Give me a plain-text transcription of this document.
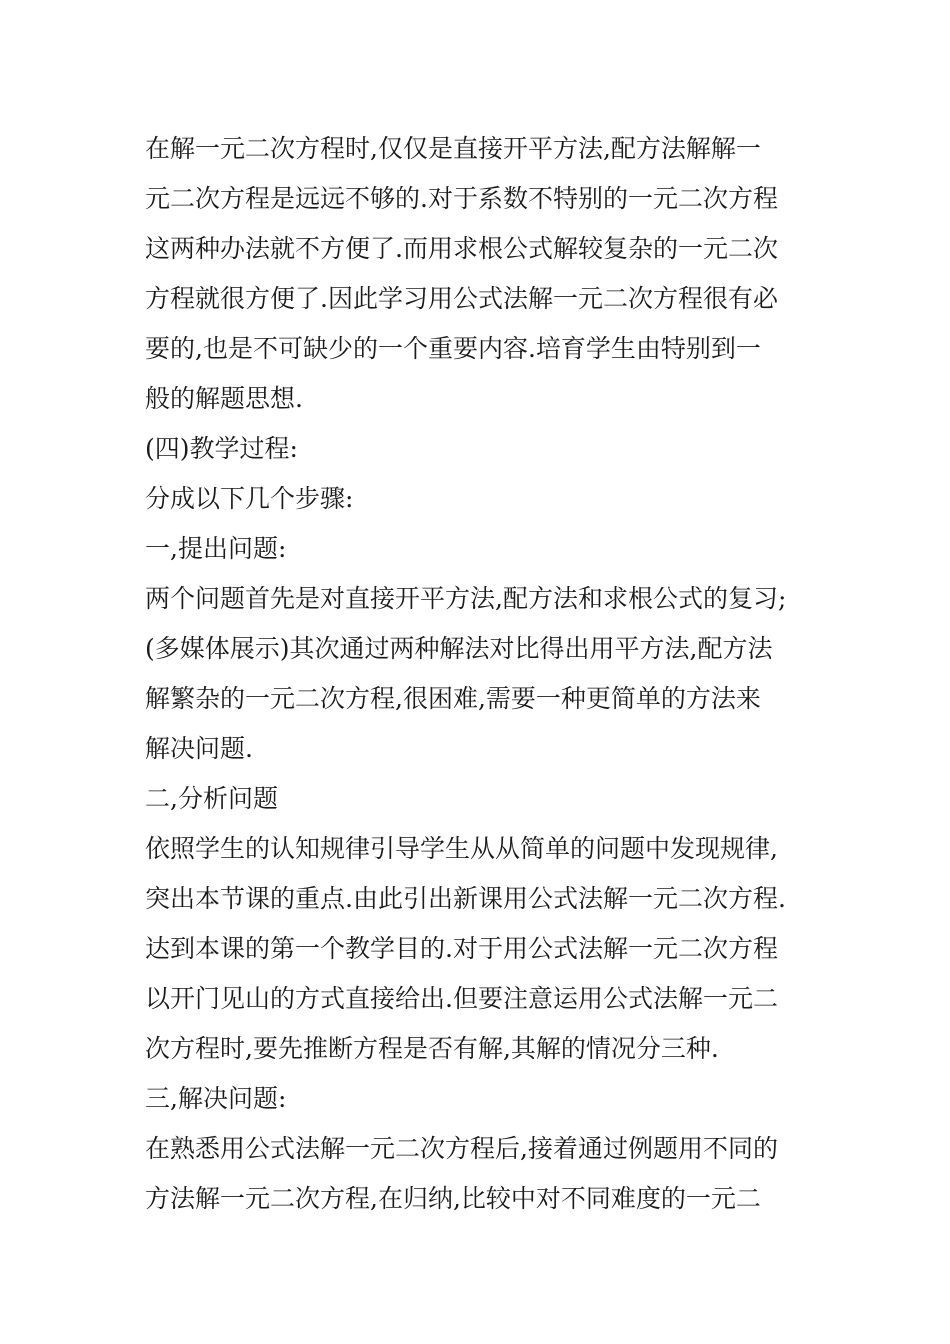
在解一元二次方程时,仅仅是直接开平方法,配方法解解一
元二次方程是远远不够的.对于系数不特别的一元二次方程
这两种办法就不方便了.而用求根公式解较复杂的一元二次
方程就很方便了.因此学习用公式法解一元二次方程很有必
要的,也是不可缺少的一个重要内容.培育学生由特别到一
般的解题思想.

(四)教学过程:

分成以下几个步骤:

一,提出问题:

两个问题首先是对直接开平方法,配方法和求根公式的复习;
(多媒体展示)其次通过两种解法对比得出用平方法,配方法
解繁杂的一元二次方程,很困难,需要一种更简单的方法来
解决问题.

二,分析问题

依照学生的认知规律引导学生从从简单的问题中发现规律,
突出本节课的重点.由此引出新课用公式法解一元二次方程.
达到本课的第一个教学目的.对于用公式法解一元二次方程
以开门见山的方式直接给出.但要注意运用公式法解一元二
次方程时,要先推断方程是否有解,其解的情况分三种.

三,解决问题:

在熟悉用公式法解一元二次方程后,接着通过例题用不同的
方法解一元二次方程,在归纳,比较中对不同难度的一元二
